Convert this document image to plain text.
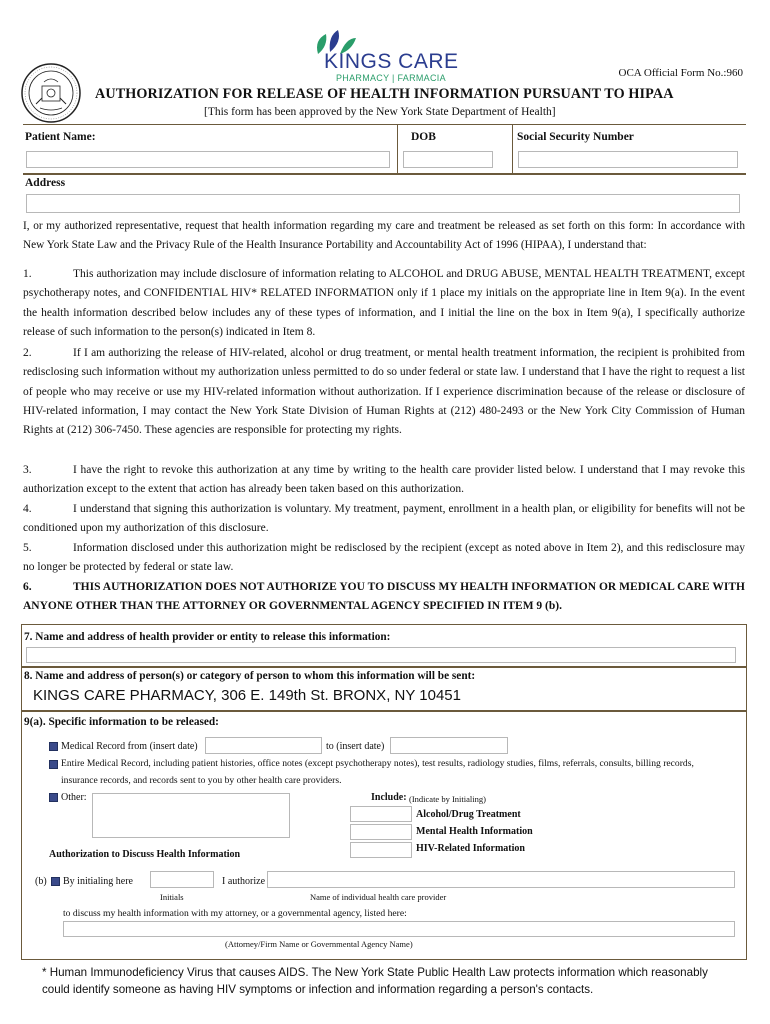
KINGS CARE
PHARMACY | FARMACIA	OCA Official Form No.:960
AUTHORIZATION FOR RELEASE OF HEALTH INFORMATION PURSUANT TO HIPAA
[This form has been approved by the New York State Department of Health]
Patient Name:	DOB	Social Security Number
Address
I, or my authorized representative, request that health information regarding my care and treatment be released as set forth on this form: In accordance with New York State Law and the Privacy Rule of the Health Insurance Portability and Accountability Act of 1996 (HIPAA), I understand that:
1.	This authorization may include disclosure of information relating to ALCOHOL and DRUG ABUSE, MENTAL HEALTH TREATMENT, except psychotherapy notes, and CONFIDENTIAL HIV* RELATED INFORMATION only if 1 place my initials on the appropriate line in Item 9(a). In the event the health information described below includes any of these types of information, and I initial the line on the box in Item 9(a), I specifically authorize release of such information to the person(s) indicated in Item 8.
2.	If I am authorizing the release of HIV-related, alcohol or drug treatment, or mental health treatment information, the recipient is prohibited from redisclosing such information without my authorization unless permitted to do so under federal or state law. I understand that I have the right to request a list of people who may receive or use my HIV-related information without authorization. If I experience discrimination because of the release or disclosure of HIV-related information, I may contact the New York State Division of Human Rights at (212) 480-2493 or the New York City Commission of Human Rights at (212) 306-7450. These agencies are responsible for protecting my rights.
3.	I have the right to revoke this authorization at any time by writing to the health care provider listed below. I understand that I may revoke this authorization except to the extent that action has already been taken based on this authorization.
4.	I understand that signing this authorization is voluntary. My treatment, payment, enrollment in a health plan, or eligibility for benefits will not be conditioned upon my authorization of this disclosure.
5.	Information disclosed under this authorization might be redisclosed by the recipient (except as noted above in Item 2), and this redisclosure may no longer be protected by federal or state law.
6.	THIS AUTHORIZATION DOES NOT AUTHORIZE YOU TO DISCUSS MY HEALTH INFORMATION OR MEDICAL CARE WITH ANYONE OTHER THAN THE ATTORNEY OR GOVERNMENTAL AGENCY SPECIFIED IN ITEM 9 (b).
7. Name and address of health provider or entity to release this information:
8. Name and address of person(s) or category of person to whom this information will be sent:
KINGS CARE PHARMACY, 306 E. 149th St. BRONX, NY 10451
9(a). Specific information to be released:
Medical Record from (insert date)	to (insert date)
Entire Medical Record, including patient histories, office notes (except psychotherapy notes), test results, radiology studies, films, referrals, consults, billing records,
insurance records, and records sent to you by other health care providers.
Other:	Include: (Indicate by Initialing)
Alcohol/Drug Treatment
Mental Health Information
HIV-Related Information
Authorization to Discuss Health Information
(b) By initialing here	I authorize
Initials	Name of individual health care provider
to discuss my health information with my attorney, or a governmental agency, listed here:
(Attorney/Firm Name or Governmental Agency Name)
* Human Immunodeficiency Virus that causes AIDS. The New York State Public Health Law protects information which reasonably could identify someone as having HIV symptoms or infection and information regarding a person's contacts.
